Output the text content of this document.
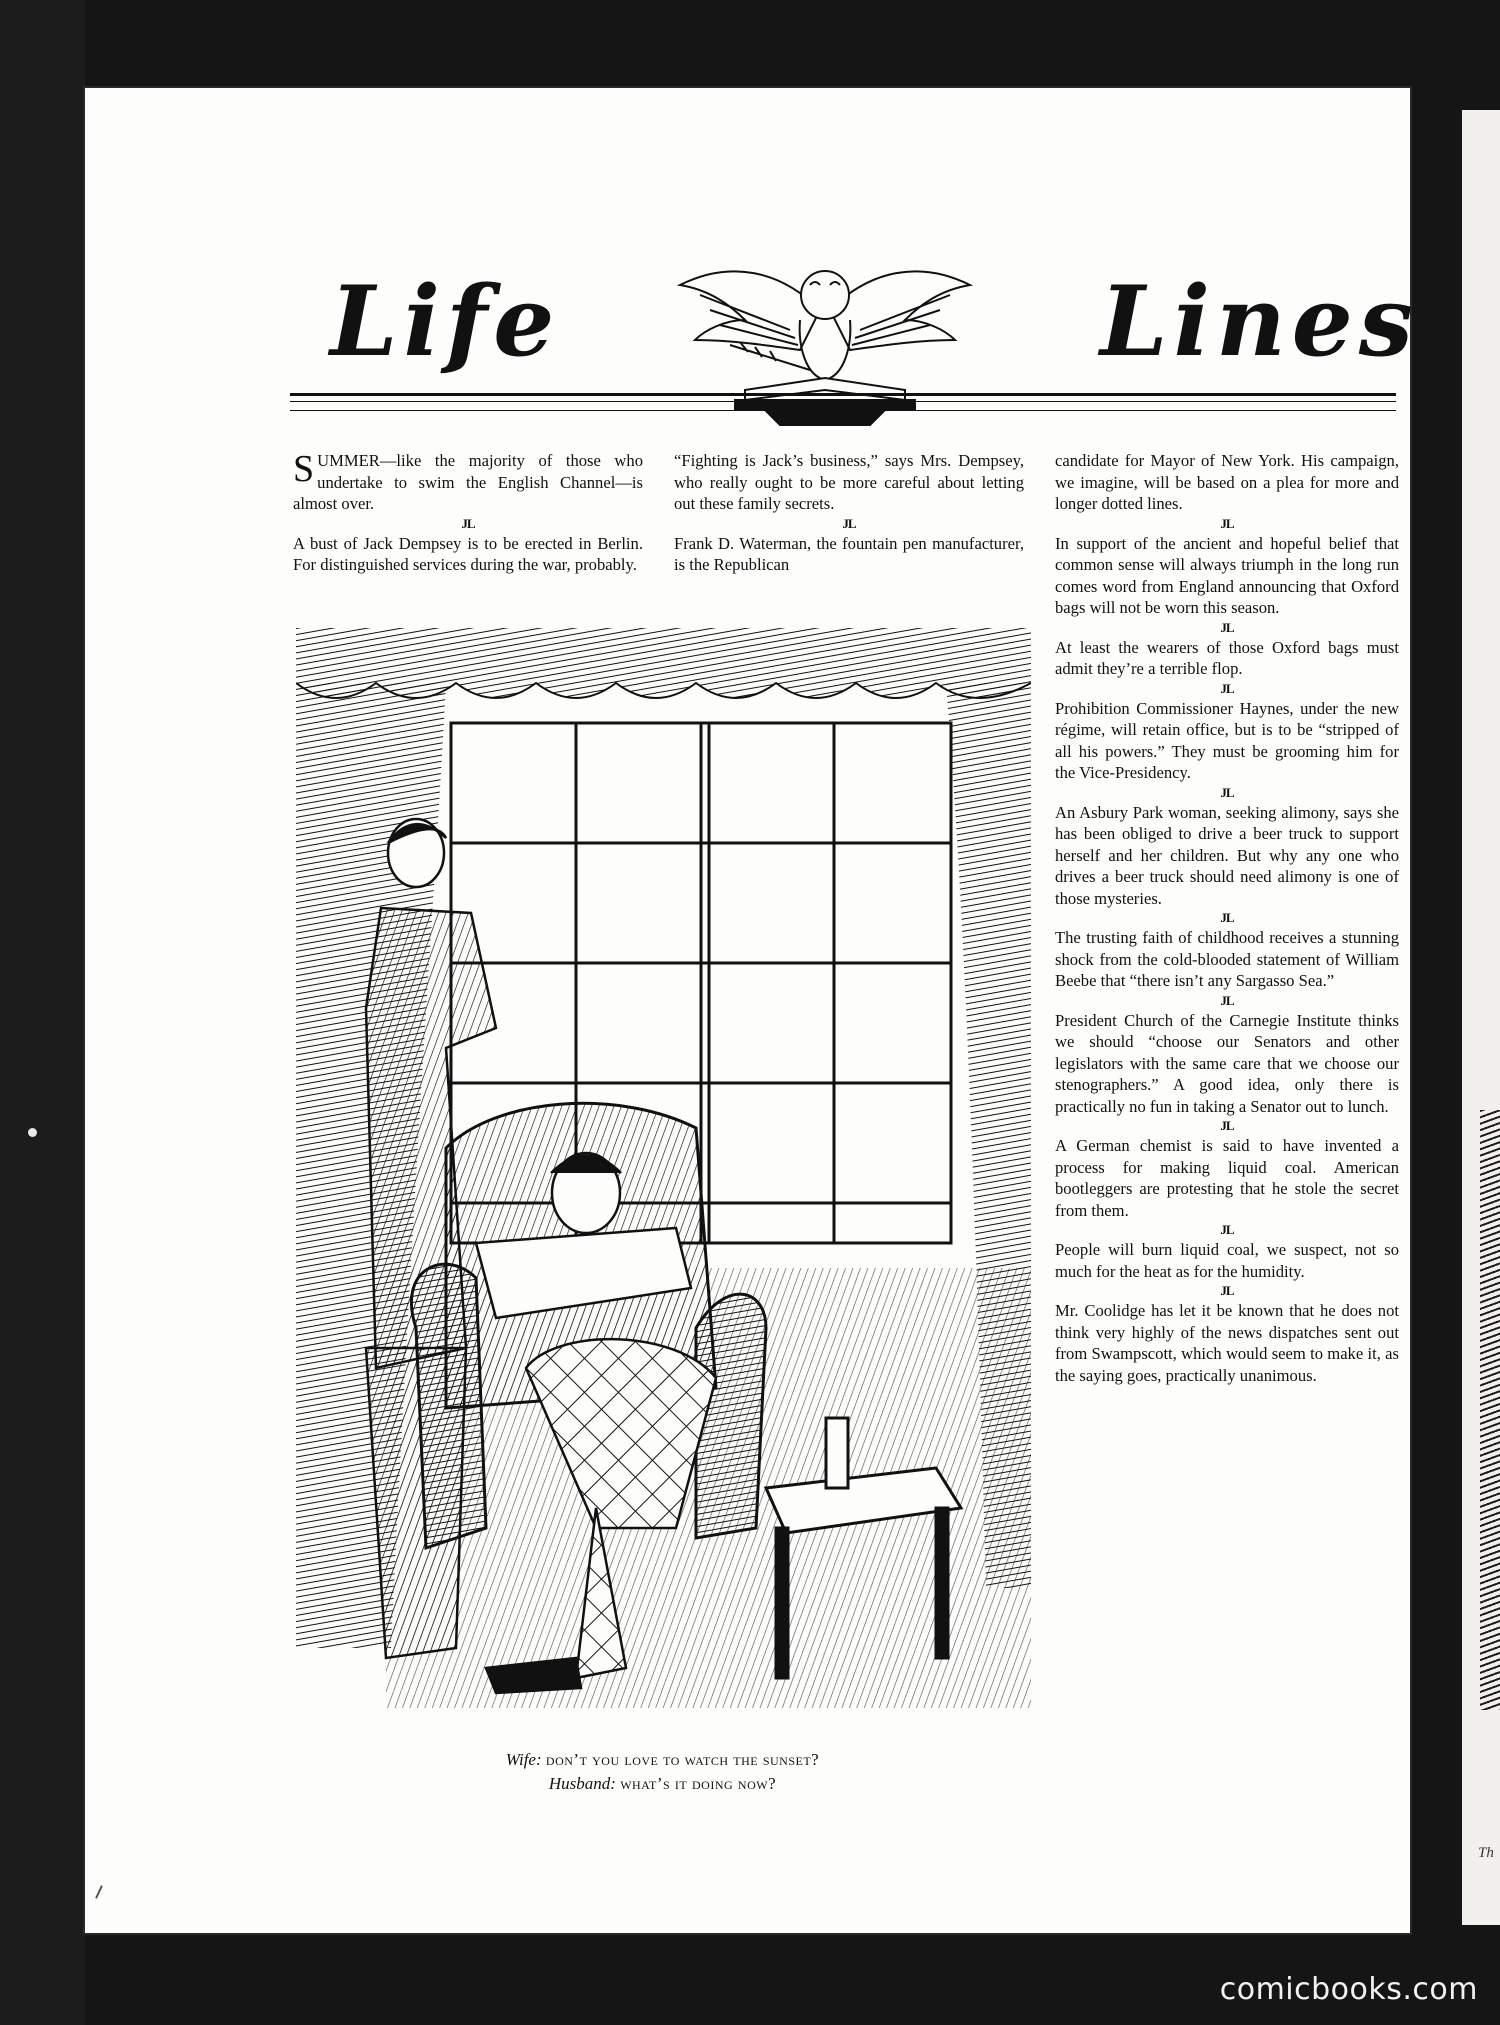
Th
Life	Lines

SUMMER—like the majority of those who undertake to swim the English Channel—is almost over.

JL

A bust of Jack Dempsey is to be erected in Berlin. For distinguished services during the war, probably.

“Fighting is Jack’s business,” says Mrs. Dempsey, who really ought to be more careful about letting out these family secrets.

JL

Frank D. Waterman, the fountain pen manufacturer, is the Republican

candidate for Mayor of New York. His campaign, we imagine, will be based on a plea for more and longer dotted lines.

JL

In support of the ancient and hopeful belief that common sense will always triumph in the long run comes word from England announcing that Oxford bags will not be worn this season.

JL

At least the wearers of those Oxford bags must admit they’re a terrible flop.

JL

Prohibition Commissioner Haynes, under the new régime, will retain office, but is to be “stripped of all his powers.” They must be grooming him for the Vice-Presidency.

JL

An Asbury Park woman, seeking alimony, says she has been obliged to drive a beer truck to support herself and her children. But why any one who drives a beer truck should need alimony is one of those mysteries.

JL

The trusting faith of childhood receives a stunning shock from the cold-blooded statement of William Beebe that “there isn’t any Sargasso Sea.”

JL

President Church of the Carnegie Institute thinks we should “choose our Senators and other legislators with the same care that we choose our stenographers.” A good idea, only there is practically no fun in taking a Senator out to lunch.

JL

A German chemist is said to have invented a process for making liquid coal. American bootleggers are protesting that he stole the secret from them.

JL

People will burn liquid coal, we suspect, not so much for the heat as for the humidity.

JL

Mr. Coolidge has let it be known that he does not think very highly of the news dispatches sent out from Swampscott, which would seem to make it, as the saying goes, practically unanimous.

Wife: don’t you love to watch the sunset?
Husband: what’s it doing now?
comicbooks.com
